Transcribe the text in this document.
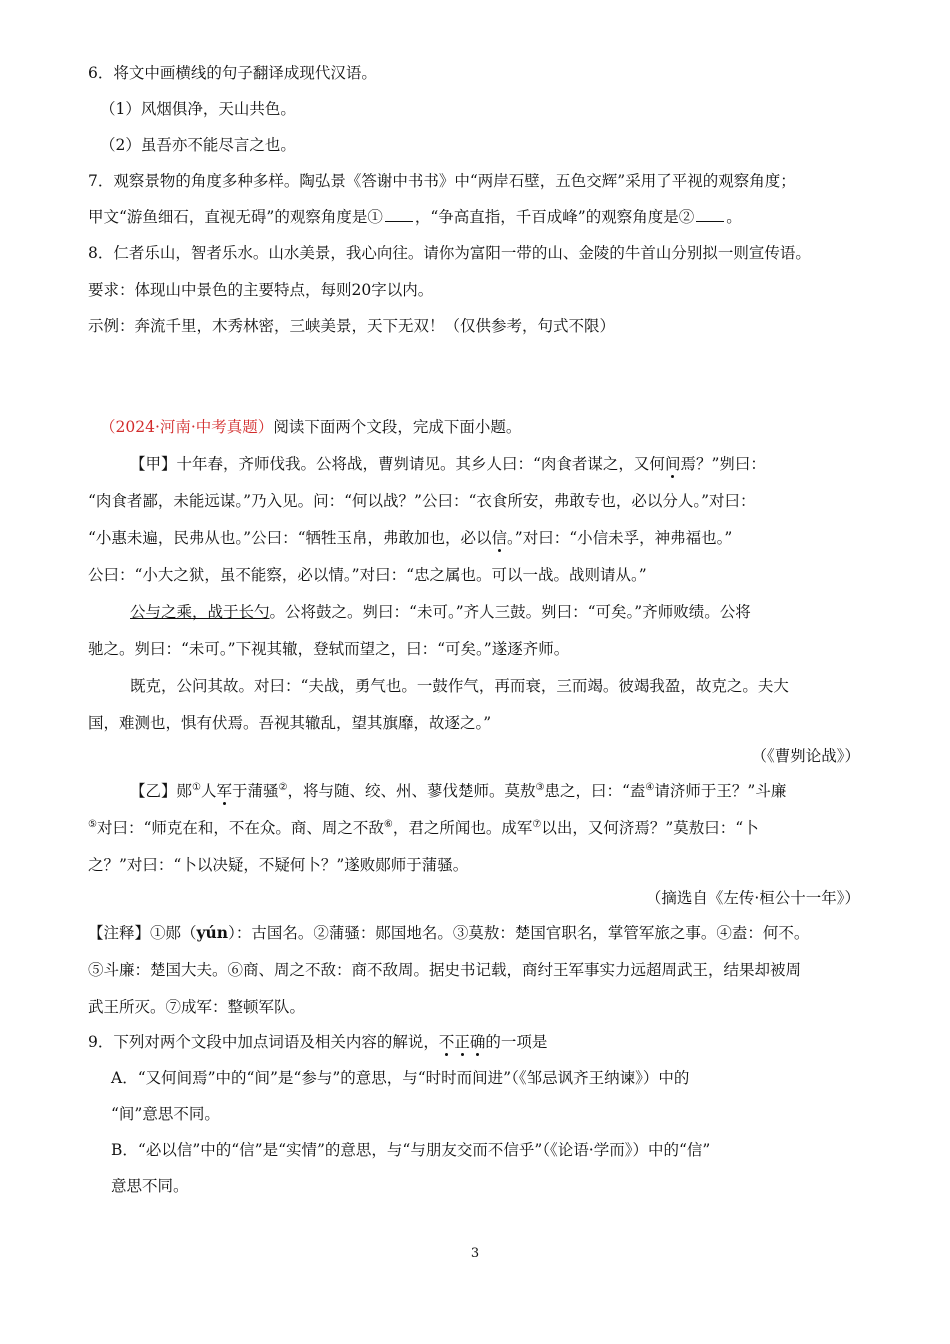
6．将文中画横线的句子翻译成现代汉语。
（1）风烟俱净，天山共色。
（2）虽吾亦不能尽言之也。
7．观察景物的角度多种多样。陶弘景《答谢中书书》中“两岸石壁，五色交辉”采用了平视的观察角度；
甲文“游鱼细石，直视无碍”的观察角度是① ，“争高直指，千百成峰”的观察角度是② 。
8．仁者乐山，智者乐水。山水美景，我心向往。请你为富阳一带的山、金陵的牛首山分别拟一则宣传语。
要求：体现山中景色的主要特点，每则20字以内。
示例：奔流千里，木秀林密，三峡美景，天下无双！（仅供参考，句式不限）
（2024·河南·中考真题）阅读下面两个文段，完成下面小题。
【甲】十年春，齐师伐我。公将战，曹刿请见。其乡人曰：“肉食者谋之，又何间焉？”刿曰：
“肉食者鄙，未能远谋。”乃入见。问：“何以战？”公曰：“衣食所安，弗敢专也，必以分人。”对曰：
“小惠未遍，民弗从也。”公曰：“牺牲玉帛，弗敢加也，必以信。”对曰：“小信未孚，神弗福也。”
公曰：“小大之狱，虽不能察，必以情。”对曰：“忠之属也。可以一战。战则请从。”
公与之乘，战于长勺。公将鼓之。刿曰：“未可。”齐人三鼓。刿曰：“可矣。”齐师败绩。公将
驰之。刿曰：“未可。”下视其辙，登轼而望之，曰：“可矣。”遂逐齐师。
既克，公问其故。对曰：“夫战，勇气也。一鼓作气，再而衰，三而竭。彼竭我盈，故克之。夫大
国，难测也，惧有伏焉。吾视其辙乱，望其旗靡，故逐之。”
（《曹刿论战》）
【乙】郧①人军于蒲骚②，将与随、绞、州、蓼伐楚师。莫敖③患之，曰：“盍④请济师于王？”斗廉
⑤对曰：“师克在和，不在众。商、周之不敌⑥，君之所闻也。成军⑦以出，又何济焉？”莫敖曰：“卜
之？”对曰：“卜以决疑，不疑何卜？”遂败郧师于蒲骚。
（摘选自《左传·桓公十一年》）
【注释】①郧（yún）：古国名。②蒲骚：郧国地名。③莫敖：楚国官职名，掌管军旅之事。④盍：何不。
⑤斗廉：楚国大夫。⑥商、周之不敌：商不敌周。据史书记载，商纣王军事实力远超周武王，结果却被周
武王所灭。⑦成军：整顿军队。
9．下列对两个文段中加点词语及相关内容的解说，不正确的一项是
A．“又何间焉”中的“间”是“参与”的意思，与“时时而间进”（《邹忌讽齐王纳谏》）中的
“间”意思不同。
B．“必以信”中的“信”是“实情”的意思，与“与朋友交而不信乎”（《论语·学而》）中的“信”
意思不同。
3
